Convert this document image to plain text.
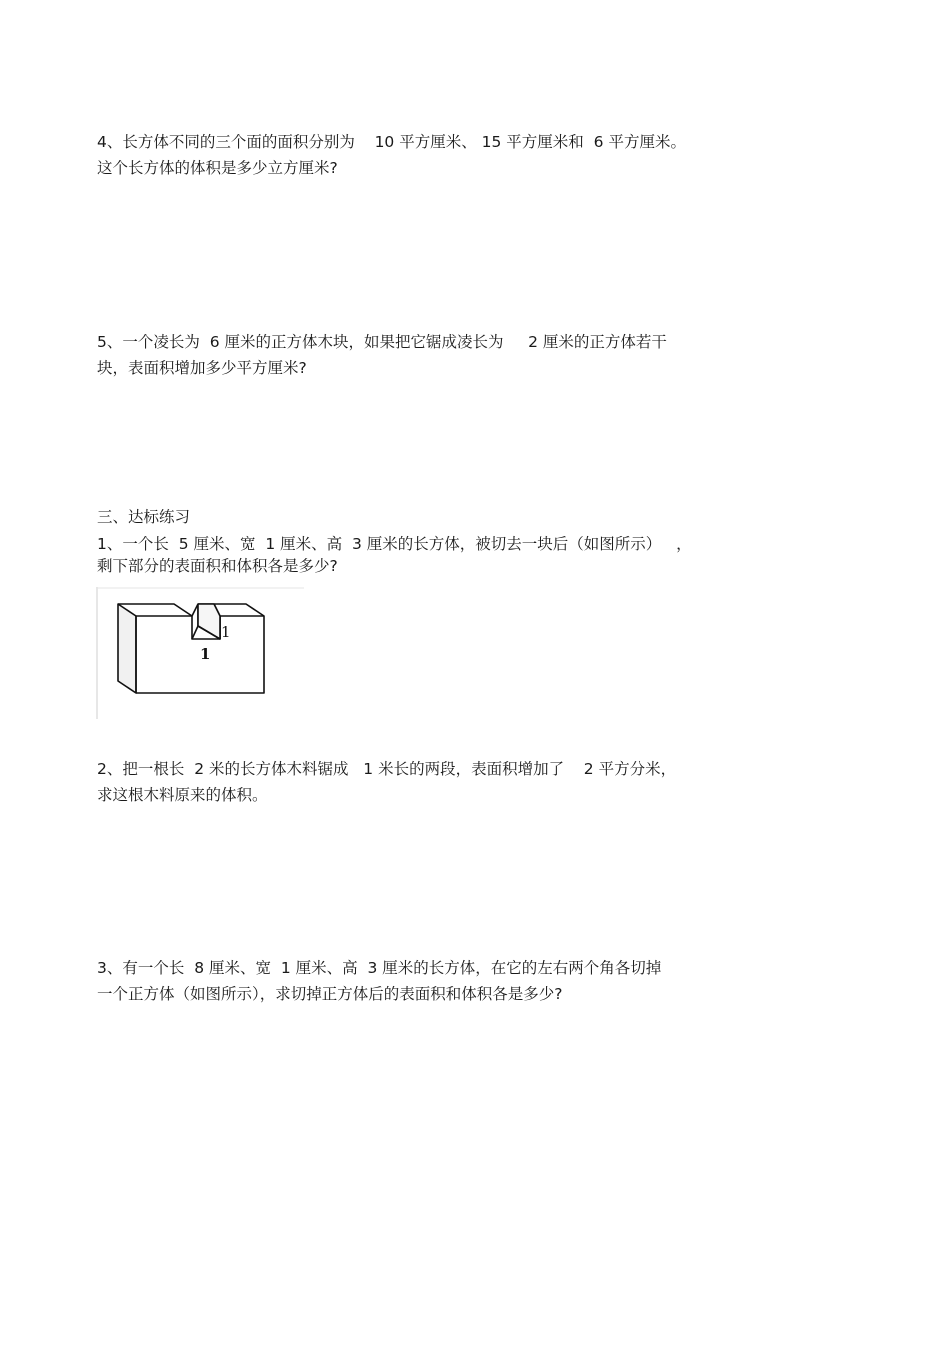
4、长方体不同的三个面的面积分别为    10 平方厘米、 15 平方厘米和  6 平方厘米。
这个长方体的体积是多少立方厘米?
5、一个凌长为  6 厘米的正方体木块，如果把它锯成凌长为     2 厘米的正方体若干
块，表面积增加多少平方厘米?
三、达标练习
1、一个长  5 厘米、宽  1 厘米、高  3 厘米的长方体，被切去一块后（如图所示）   ，
剩下部分的表面积和体积各是多少?
1
1
2、把一根长  2 米的长方体木料锯成   1 米长的两段，表面积增加了    2 平方分米，
求这根木料原来的体积。
3、有一个长  8 厘米、宽  1 厘米、高  3 厘米的长方体，在它的左右两个角各切掉
一个正方体（如图所示），求切掉正方体后的表面积和体积各是多少?
